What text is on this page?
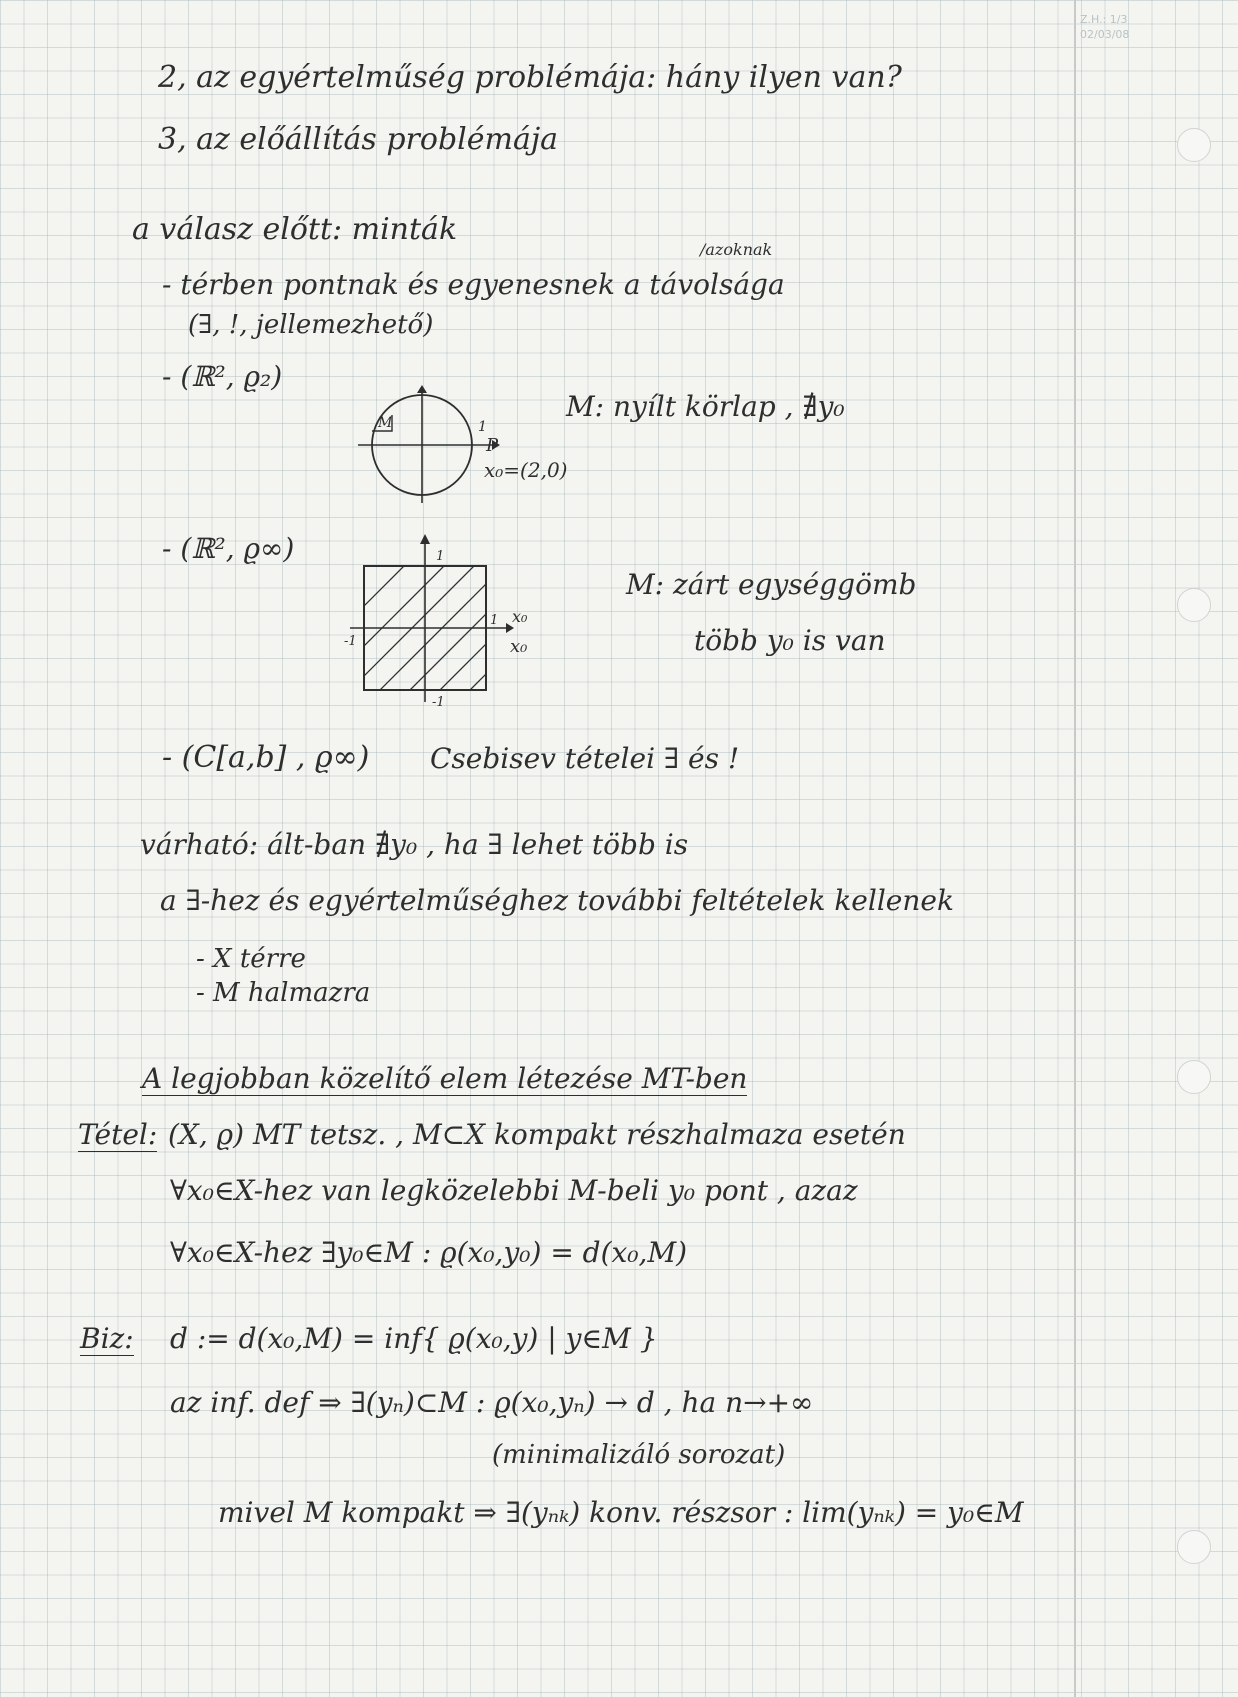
Z.H.: 1/3
02/03/08
2, az egyértelműség problémája: hány ilyen van?
3, az előállítás problémája
a válasz előtt: minták
/azoknak
- térben pontnak és egyenesnek a távolsága
(∃, !, jellemezhető)
- (ℝ², ϱ₂)
M: nyílt körlap , ∄y₀
- (ℝ², ϱ∞)
M: zárt egységgömb
több y₀ is van
- (C[a,b] , ϱ∞) Csebisev tételei ∃ és !
várható: ált-ban ∄y₀ , ha ∃ lehet több is
a ∃-hez és egyértelműséghez további feltételek kellenek
- X térre
- M halmazra
A legjobban közelítő elem létezése MT-ben
Tétel: (X, ϱ) MT tetsz. , M⊂X kompakt részhalmaza esetén
∀x₀∈X-hez van legközelebbi M-beli y₀ pont , azaz
∀x₀∈X-hez ∃y₀∈M : ϱ(x₀,y₀) = d(x₀,M)
Biz: d := d(x₀,M) = inf{ ϱ(x₀,y) | y∈M }
az inf. def ⇒ ∃(yₙ)⊂M : ϱ(x₀,yₙ) → d , ha n→+∞
(minimalizáló sorozat)
mivel M kompakt ⇒ ∃(yₙₖ) konv. részsor : lim(yₙₖ) = y₀∈M
M	1
P
x₀=(2,0)
1
1
-1
-1
x₀
x₀
